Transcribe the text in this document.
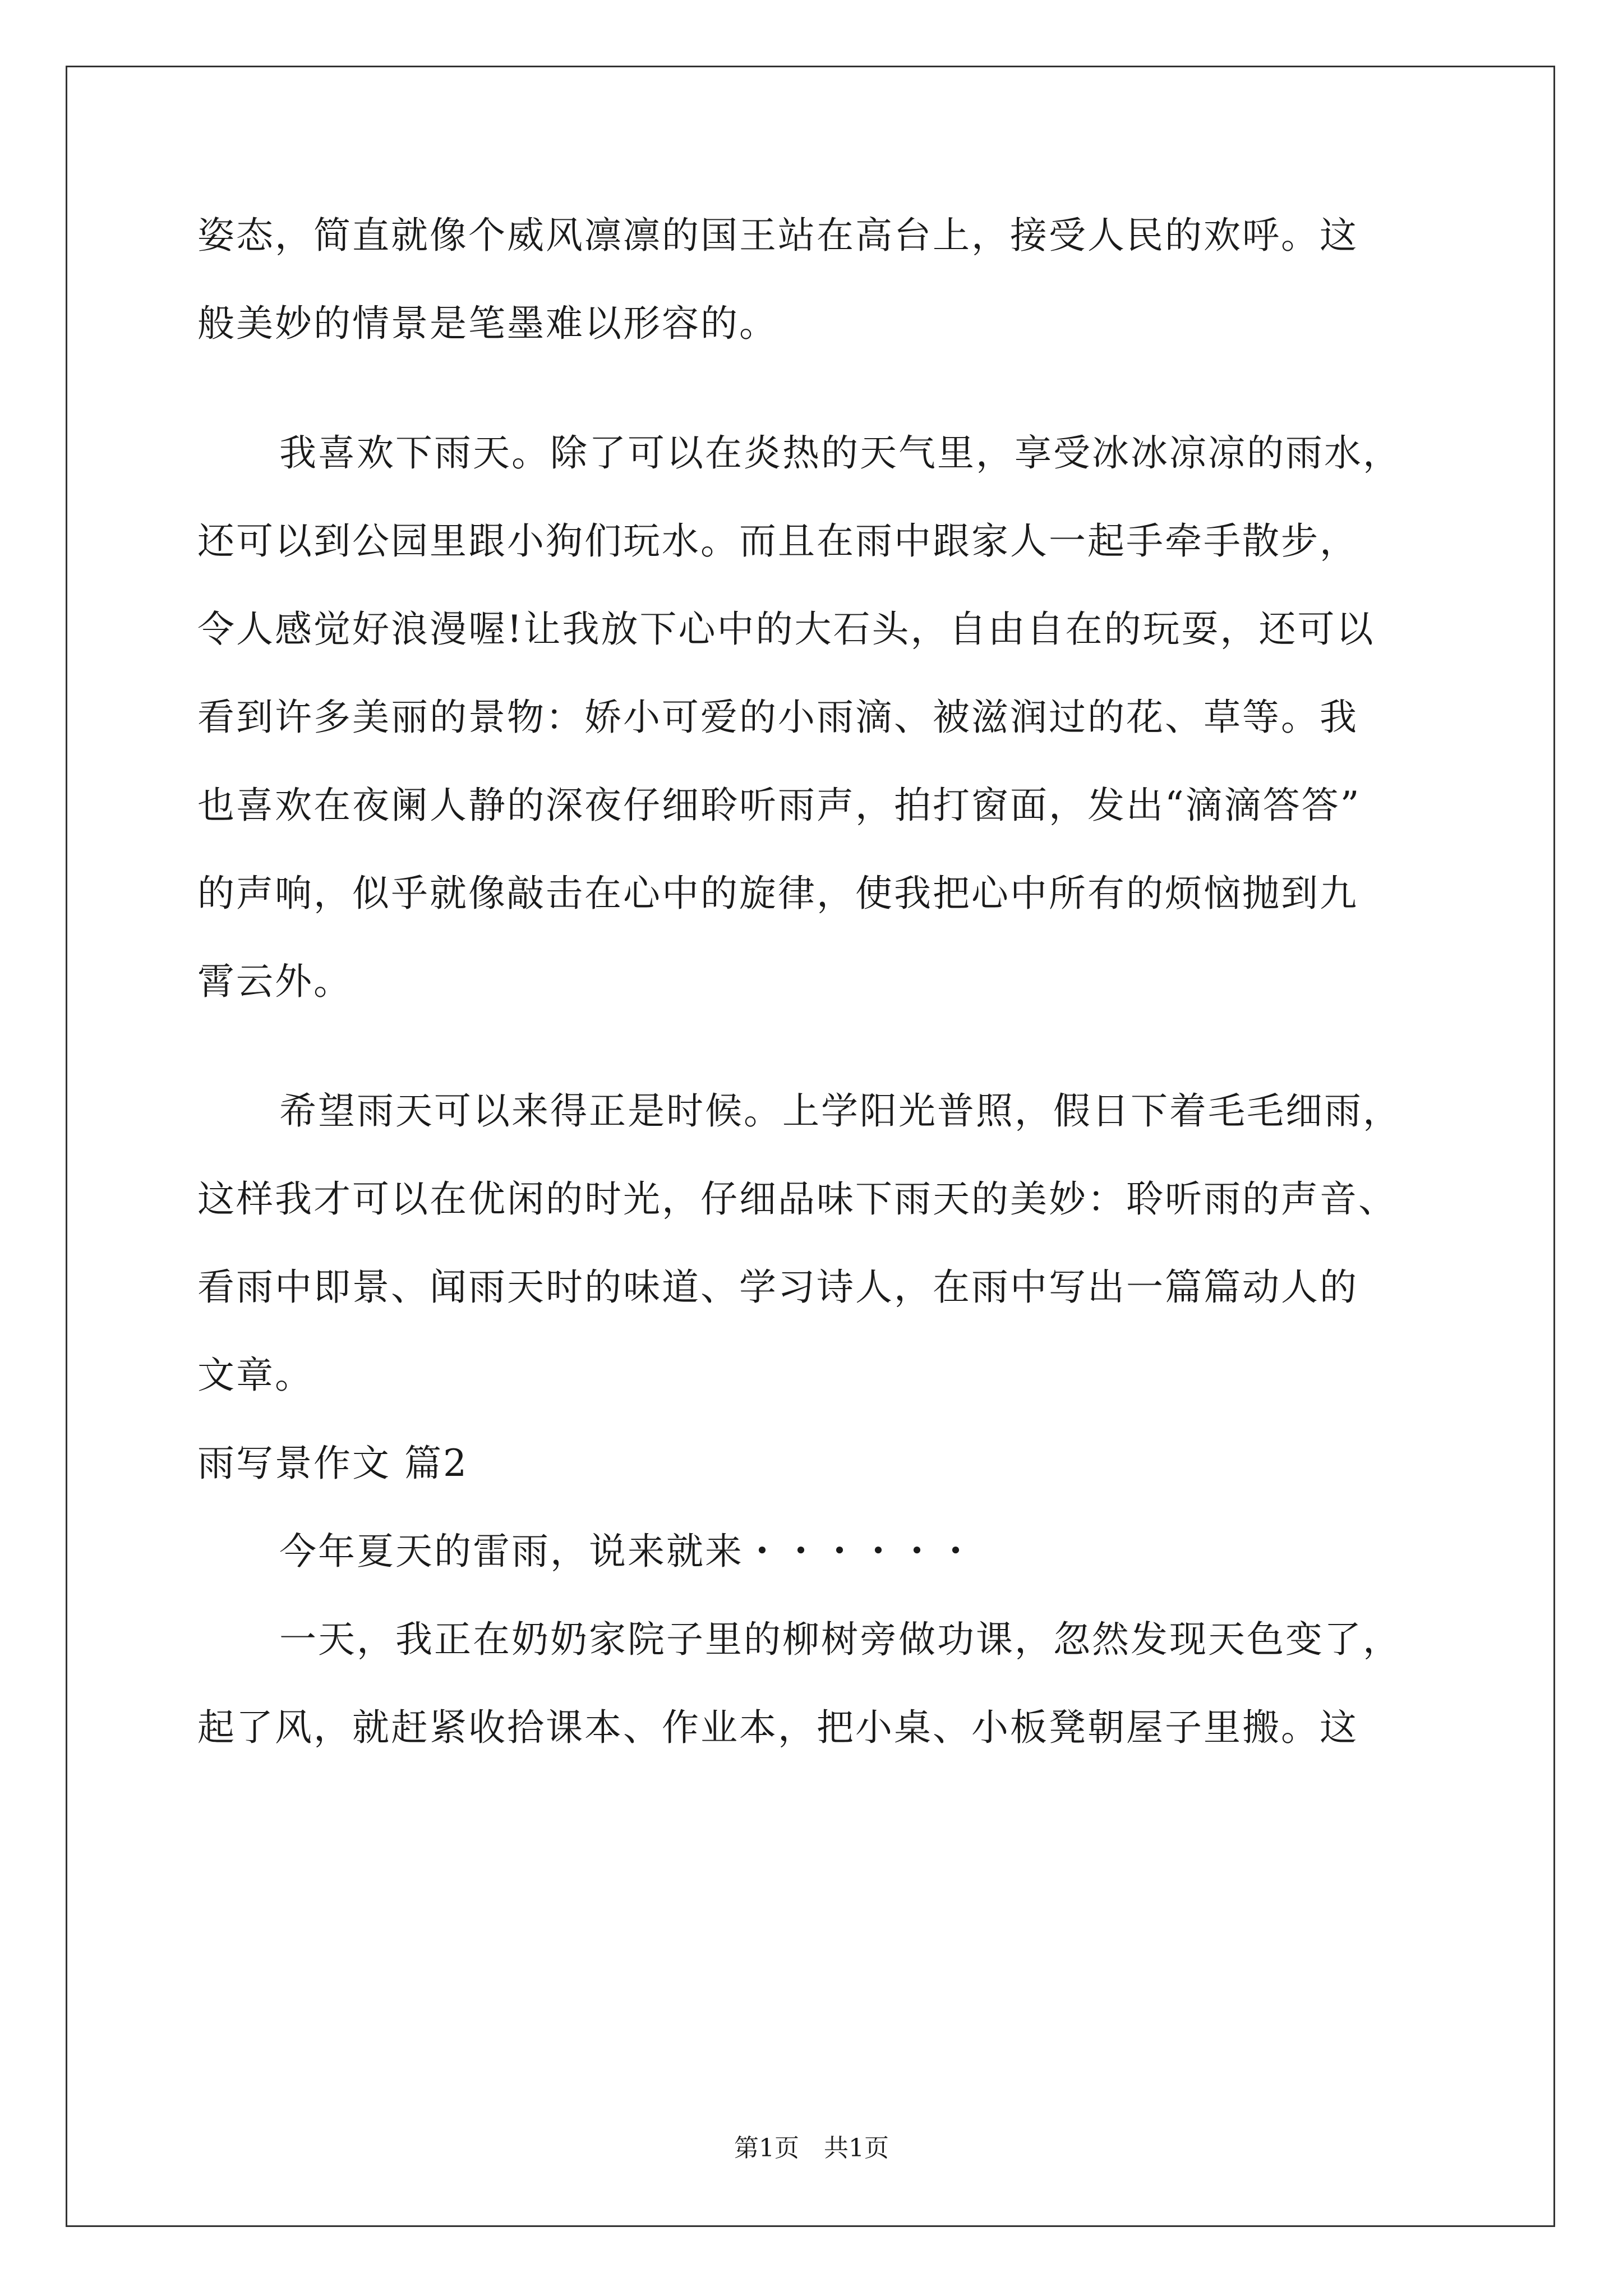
姿态，简直就像个威风凛凛的国王站在高台上，接受人民的欢呼。这
般美妙的情景是笔墨难以形容的。
我喜欢下雨天。除了可以在炎热的天气里，享受冰冰凉凉的雨水，
还可以到公园里跟小狗们玩水。而且在雨中跟家人一起手牵手散步，
令人感觉好浪漫喔!让我放下心中的大石头，自由自在的玩耍，还可以
看到许多美丽的景物：娇小可爱的小雨滴、被滋润过的花、草等。我
也喜欢在夜阑人静的深夜仔细聆听雨声，拍打窗面，发出“滴滴答答”
的声响，似乎就像敲击在心中的旋律，使我把心中所有的烦恼抛到九
霄云外。
希望雨天可以来得正是时候。上学阳光普照，假日下着毛毛细雨，
这样我才可以在优闲的时光，仔细品味下雨天的美妙：聆听雨的声音、
看雨中即景、闻雨天时的味道、学习诗人，在雨中写出一篇篇动人的
文章。
雨写景作文 篇2
今年夏天的雷雨，说来就来・・・・・・
一天，我正在奶奶家院子里的柳树旁做功课，忽然发现天色变了，
起了风，就赶紧收拾课本、作业本，把小桌、小板凳朝屋子里搬。这
第1页　共1页
